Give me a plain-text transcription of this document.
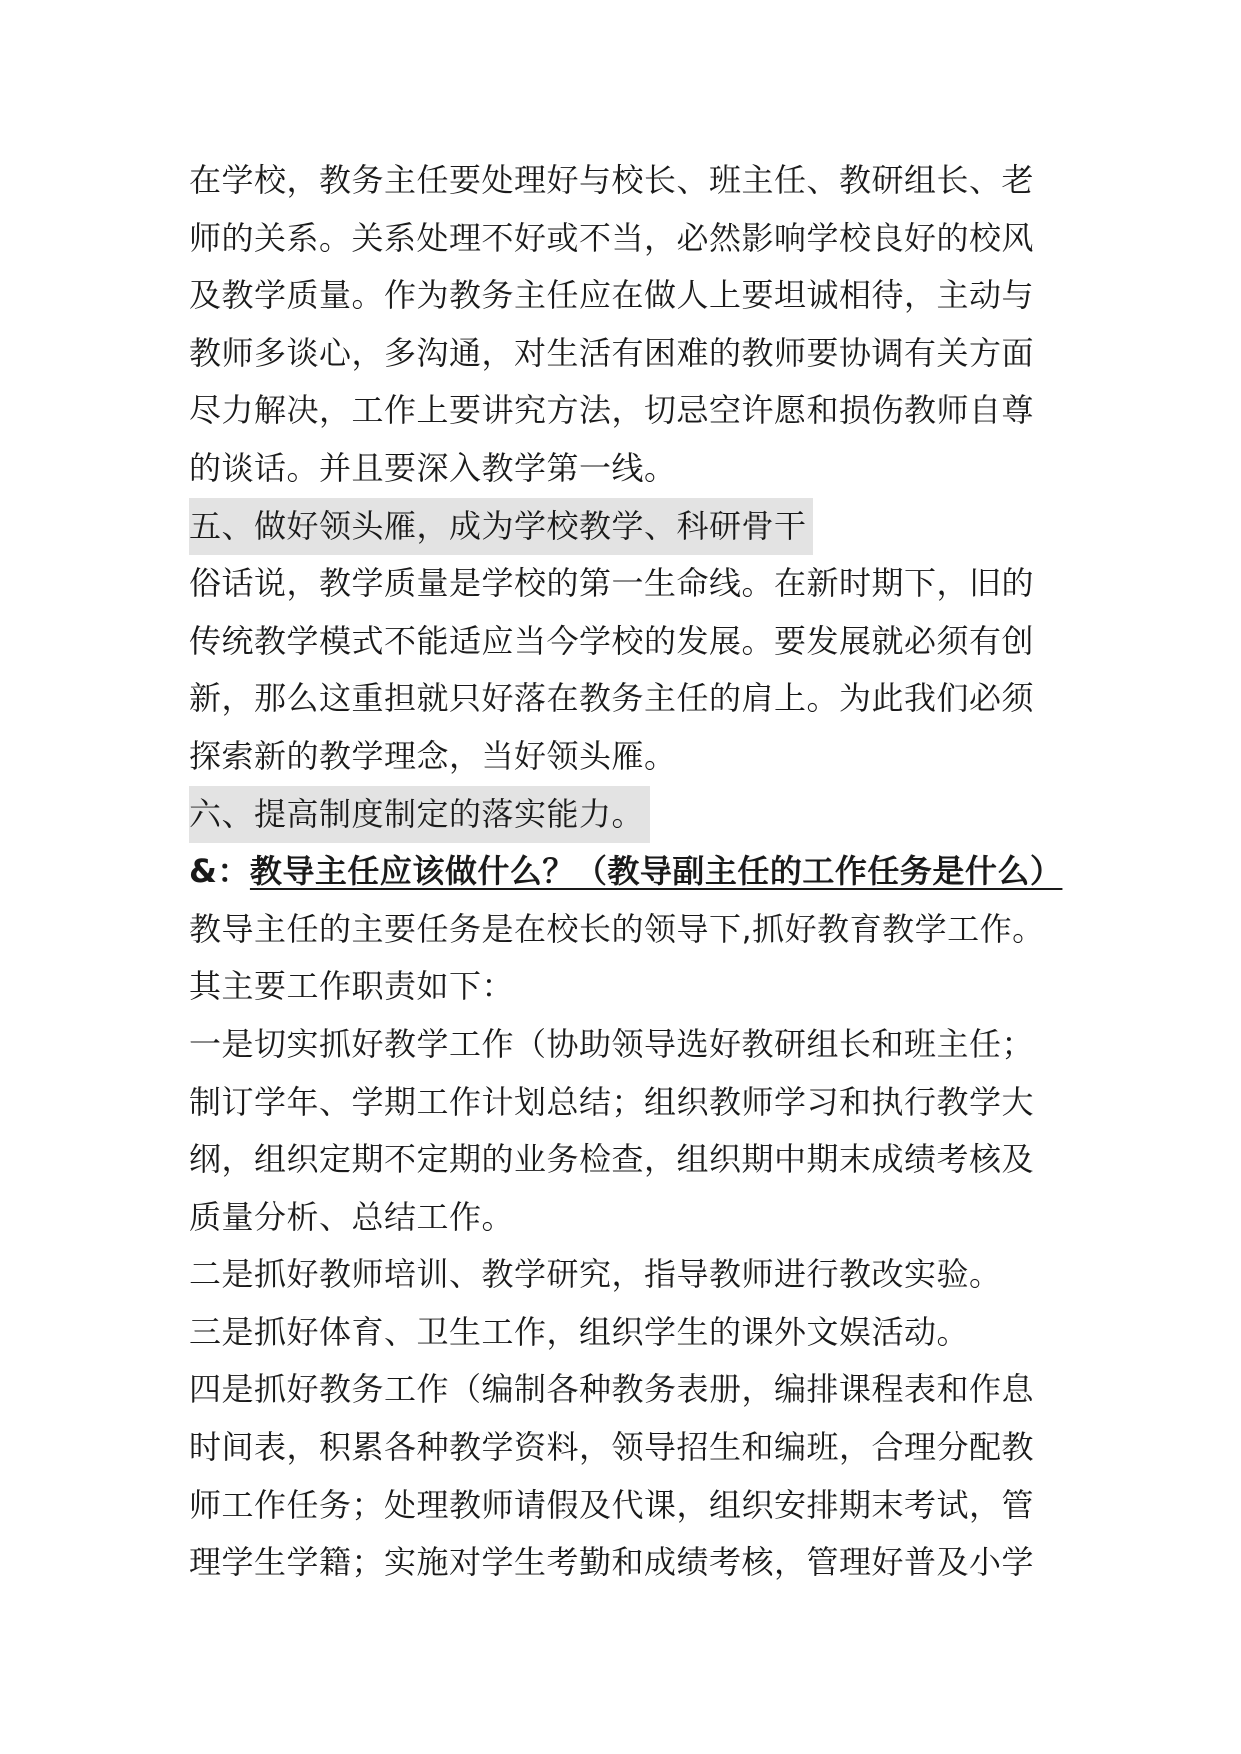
在学校，教务主任要处理好与校长、班主任、教研组长、老
师的关系。关系处理不好或不当，必然影响学校良好的校风
及教学质量。作为教务主任应在做人上要坦诚相待，主动与
教师多谈心，多沟通，对生活有困难的教师要协调有关方面
尽力解决，工作上要讲究方法，切忌空许愿和损伤教师自尊
的谈话。并且要深入教学第一线。
五、做好领头雁，成为学校教学、科研骨干
俗话说，教学质量是学校的第一生命线。在新时期下，旧的
传统教学模式不能适应当今学校的发展。要发展就必须有创
新，那么这重担就只好落在教务主任的肩上。为此我们必须
探索新的教学理念，当好领头雁。
六、提高制度制定的落实能力。
&：教导主任应该做什么？（教导副主任的工作任务是什么）
教导主任的主要任务是在校长的领导下,抓好教育教学工作。
其主要工作职责如下：
一是切实抓好教学工作（协助领导选好教研组长和班主任；
制订学年、学期工作计划总结；组织教师学习和执行教学大
纲，组织定期不定期的业务检查，组织期中期末成绩考核及
质量分析、总结工作。
二是抓好教师培训、教学研究，指导教师进行教改实验。
三是抓好体育、卫生工作，组织学生的课外文娱活动。
四是抓好教务工作（编制各种教务表册，编排课程表和作息
时间表，积累各种教学资料，领导招生和编班，合理分配教
师工作任务；处理教师请假及代课，组织安排期末考试，管
理学生学籍；实施对学生考勤和成绩考核，管理好普及小学
